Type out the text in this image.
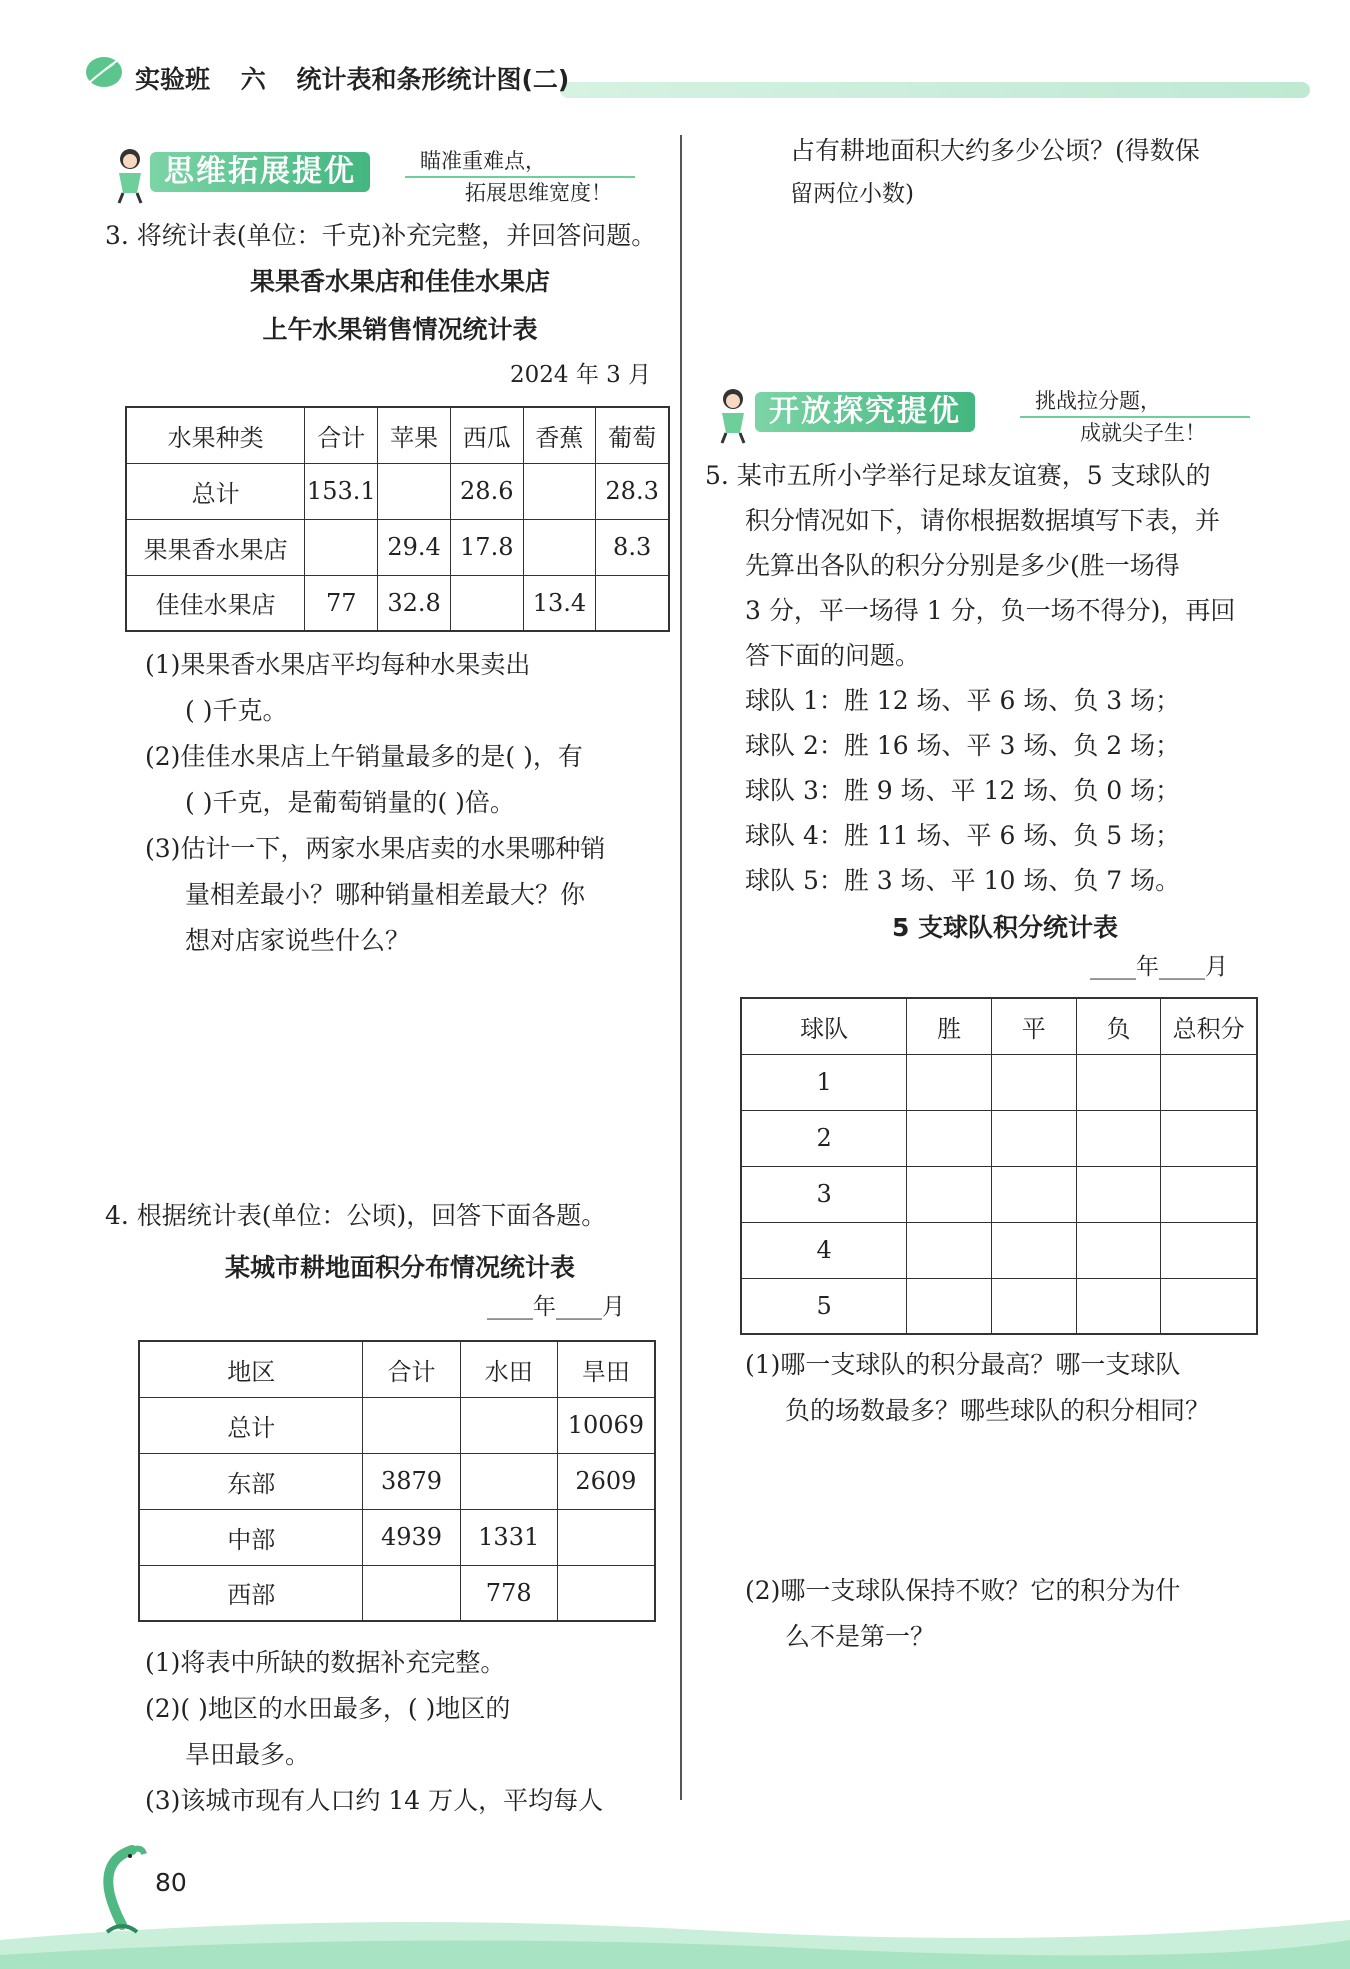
实验班 六 统计表和条形统计图(二)
思维拓展提优	瞄准重难点，
拓展思维宽度！
3. 将统计表(单位：千克)补充完整，并回答问题。
果果香水果店和佳佳水果店
上午水果销售情况统计表
2024 年 3 月
水果种类	合计	苹果	西瓜	香蕉	葡萄
总计	153.1		28.6		28.3
果果香水果店		29.4	17.8		8.3
佳佳水果店	77	32.8		13.4	
(1)果果香水果店平均每种水果卖出
( )千克。
(2)佳佳水果店上午销量最多的是( )，有
( )千克，是葡萄销量的( )倍。
(3)估计一下，两家水果店卖的水果哪种销
量相差最小？哪种销量相差最大？你
想对店家说些什么？
4. 根据统计表(单位：公顷)，回答下面各题。
某城市耕地面积分布情况统计表
____年____月
地区	合计	水田	旱田
总计			10069
东部	3879		2609
中部	4939	1331	
西部		778	
(1)将表中所缺的数据补充完整。
(2)( )地区的水田最多，( )地区的
旱田最多。
(3)该城市现有人口约 14 万人，平均每人
占有耕地面积大约多少公顷？(得数保
留两位小数)
开放探究提优	挑战拉分题，
成就尖子生！
5. 某市五所小学举行足球友谊赛，5 支球队的
积分情况如下，请你根据数据填写下表，并
先算出各队的积分分别是多少(胜一场得
3 分，平一场得 1 分，负一场不得分)，再回
答下面的问题。
球队 1：胜 12 场、平 6 场、负 3 场；
球队 2：胜 16 场、平 3 场、负 2 场；
球队 3：胜 9 场、平 12 场、负 0 场；
球队 4：胜 11 场、平 6 场、负 5 场；
球队 5：胜 3 场、平 10 场、负 7 场。
5 支球队积分统计表
____年____月
球队	胜	平	负	总积分
1				
2				
3				
4				
5				
(1)哪一支球队的积分最高？哪一支球队
负的场数最多？哪些球队的积分相同？
(2)哪一支球队保持不败？它的积分为什
么不是第一？
80
